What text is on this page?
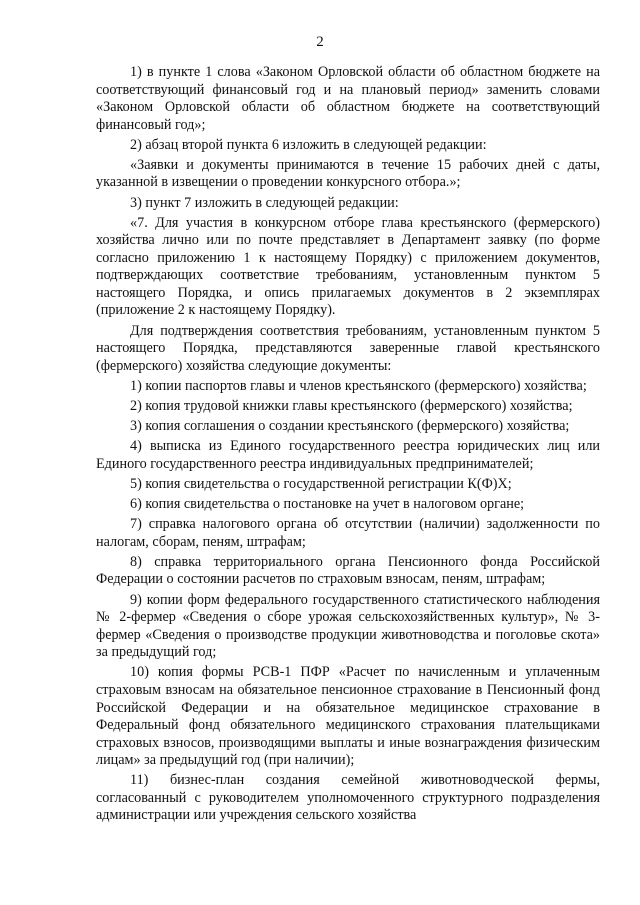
2

1) в пункте 1 слова «Законом Орловской области об областном бюджете на соответствующий финансовый год и на плановый период» заменить словами «Законом Орловской области об областном бюджете на соответствующий финансовый год»;

2) абзац второй пункта 6 изложить в следующей редакции:

«Заявки и документы принимаются в течение 15 рабочих дней с даты, указанной в извещении о проведении конкурсного отбора.»;

3) пункт 7 изложить в следующей редакции:

«7. Для участия в конкурсном отборе глава крестьянского (фермерского) хозяйства лично или по почте представляет в Департамент заявку (по форме согласно приложению 1 к настоящему Порядку) с приложением документов, подтверждающих соответствие требованиям, установленным пунктом 5 настоящего Порядка, и опись прилагаемых документов в 2 экземплярах (приложение 2 к настоящему Порядку).

Для подтверждения соответствия требованиям, установленным пунктом 5 настоящего Порядка, представляются заверенные главой крестьянского (фермерского) хозяйства следующие документы:

1) копии паспортов главы и членов крестьянского (фермерского) хозяйства;

2) копия трудовой книжки главы крестьянского (фермерского) хозяйства;

3) копия соглашения о создании крестьянского (фермерского) хозяйства;

4) выписка из Единого государственного реестра юридических лиц или Единого государственного реестра индивидуальных предпринимателей;

5) копия свидетельства о государственной регистрации К(Ф)Х;

6) копия свидетельства о постановке на учет в налоговом органе;

7) справка налогового органа об отсутствии (наличии) задолженности по налогам, сборам, пеням, штрафам;

8) справка территориального органа Пенсионного фонда Российской Федерации о состоянии расчетов по страховым взносам, пеням, штрафам;

9) копии форм федерального государственного статистического наблюдения № 2-фермер «Сведения о сборе урожая сельскохозяйственных культур», № 3-фермер «Сведения о производстве продукции животноводства и поголовье скота» за предыдущий год;

10) копия формы РСВ-1 ПФР «Расчет по начисленным и уплаченным страховым взносам на обязательное пенсионное страхование в Пенсионный фонд Российской Федерации и на обязательное медицинское страхование в Федеральный фонд обязательного медицинского страхования плательщиками страховых взносов, производящими выплаты и иные вознаграждения физическим лицам» за предыдущий год (при наличии);

11) бизнес-план создания семейной животноводческой фермы, согласованный с руководителем уполномоченного структурного подразделения администрации или учреждения сельского хозяйства
